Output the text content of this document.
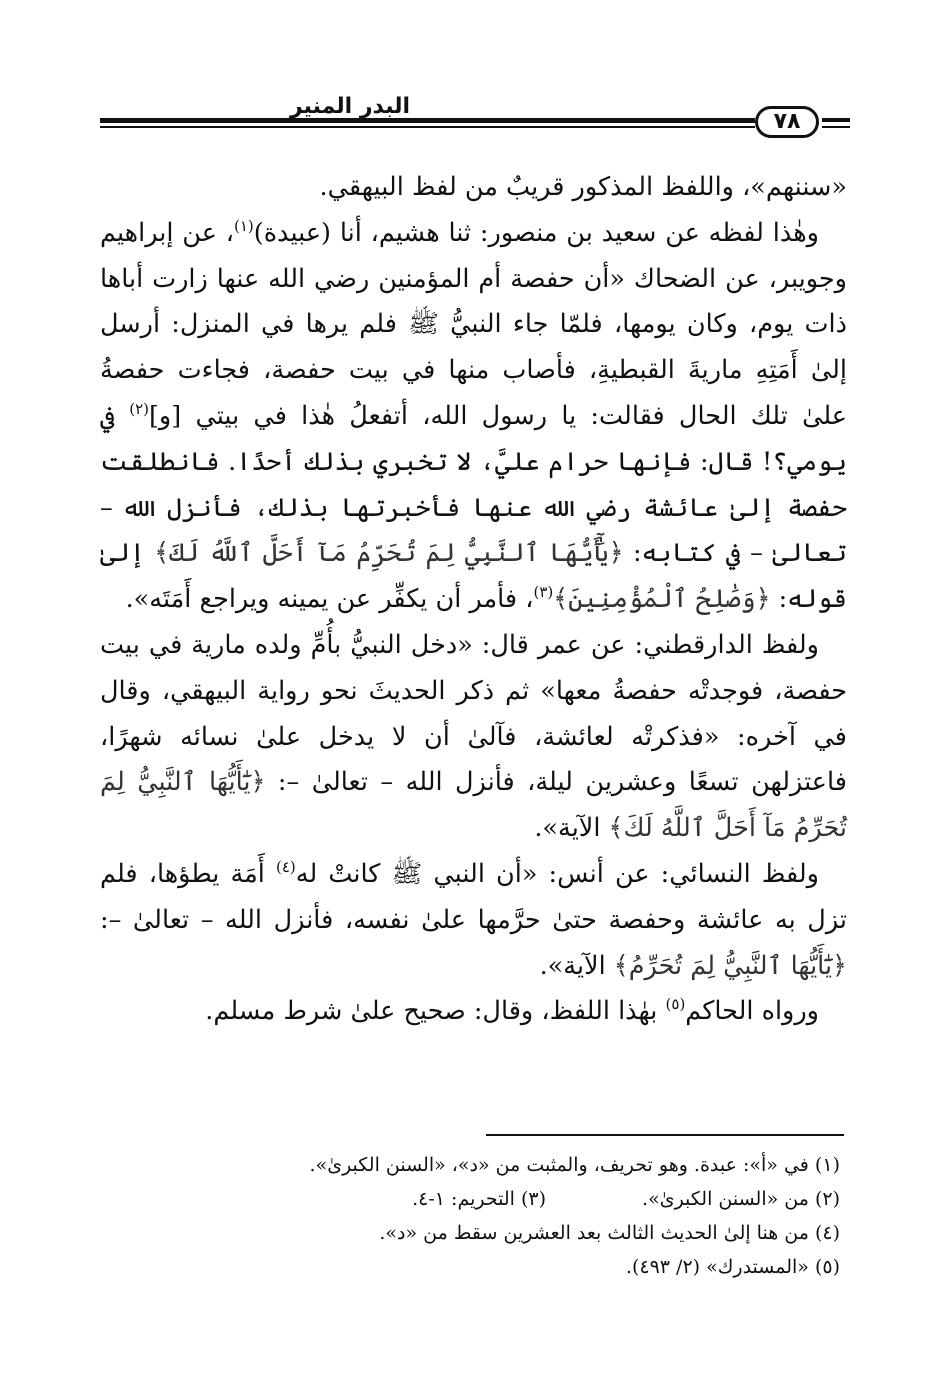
البدر المنير
٧٨

«سننهم»، واللفظ المذكور قريبٌ من لفظ البيهقي.

وهٰذا لفظه عن سعيد بن منصور: ثنا هشيم، أنا (عبيدة)$^{(١)}$، عن إبراهيم وجويبر، عن الضحاك «أن حفصة أم المؤمنين رضي الله عنها زارت أباها ذات يوم، وكان يومها، فلمّا جاء النبيُّ ﷺ فلم يرها في المنزل: أرسل إلىٰ أَمَتِهِ ماريةَ القبطيةِ، فأصاب منها في بيت حفصة، فجاءت حفصةُ علىٰ تلك الحال فقالت: يا رسول الله، أتفعلُ هٰذا في بيتي [و]$^{(٢)}$ في يومي؟! قال: فإنها حرام عليَّ، لا تخبري بذلك أحدًا. فانطلقت حفصة إلىٰ عائشة رضي الله عنها فأخبرتها بذلك، فأنزل الله – تعالىٰ – في كتابه: ﴿يَٰٓأَيُّهَا ٱلنَّبِيُّ لِمَ تُحَرِّمُ مَآ أَحَلَّ ٱللَّهُ لَكَ﴾ إلىٰ قوله: ﴿وَصَٰلِحُ ٱلْمُؤْمِنِينَ﴾$^{(٣)}$، فأمر أن يكفِّر عن يمينه ويراجع أَمَتَه».

ولفظ الدارقطني: عن عمر قال: «دخل النبيُّ بأُمِّ ولده مارية في بيت حفصة، فوجدتْه حفصةُ معها» ثم ذكر الحديثَ نحو رواية البيهقي، وقال في آخره: «فذكرتْه لعائشة، فآلىٰ أن لا يدخل علىٰ نسائه شهرًا، فاعتزلهن تسعًا وعشرين ليلة، فأنزل الله – تعالىٰ –: ﴿يَٰٓأَيُّهَا ٱلنَّبِيُّ لِمَ تُحَرِّمُ مَآ أَحَلَّ ٱللَّهُ لَكَ﴾ الآية».

ولفظ النسائي: عن أنس: «أن النبي ﷺ كانتْ له$^{(٤)}$ أَمَة يطؤها، فلم تزل به عائشة وحفصة حتىٰ حرَّمها علىٰ نفسه، فأنزل الله – تعالىٰ –: ﴿يَٰٓأَيُّهَا ٱلنَّبِيُّ لِمَ تُحَرِّمُ﴾ الآية».

ورواه الحاكم$^{(٥)}$ بهٰذا اللفظ، وقال: صحيح علىٰ شرط مسلم.

(١) في «أ»: عبدة. وهو تحريف، والمثبت من «د»، «السنن الكبرىٰ».
(٢) من «السنن الكبرىٰ».(٣) التحريم: ١-٤.
(٤) من هنا إلىٰ الحديث الثالث بعد العشرين سقط من «د».
(٥) «المستدرك» (٢/ ٤٩٣).
